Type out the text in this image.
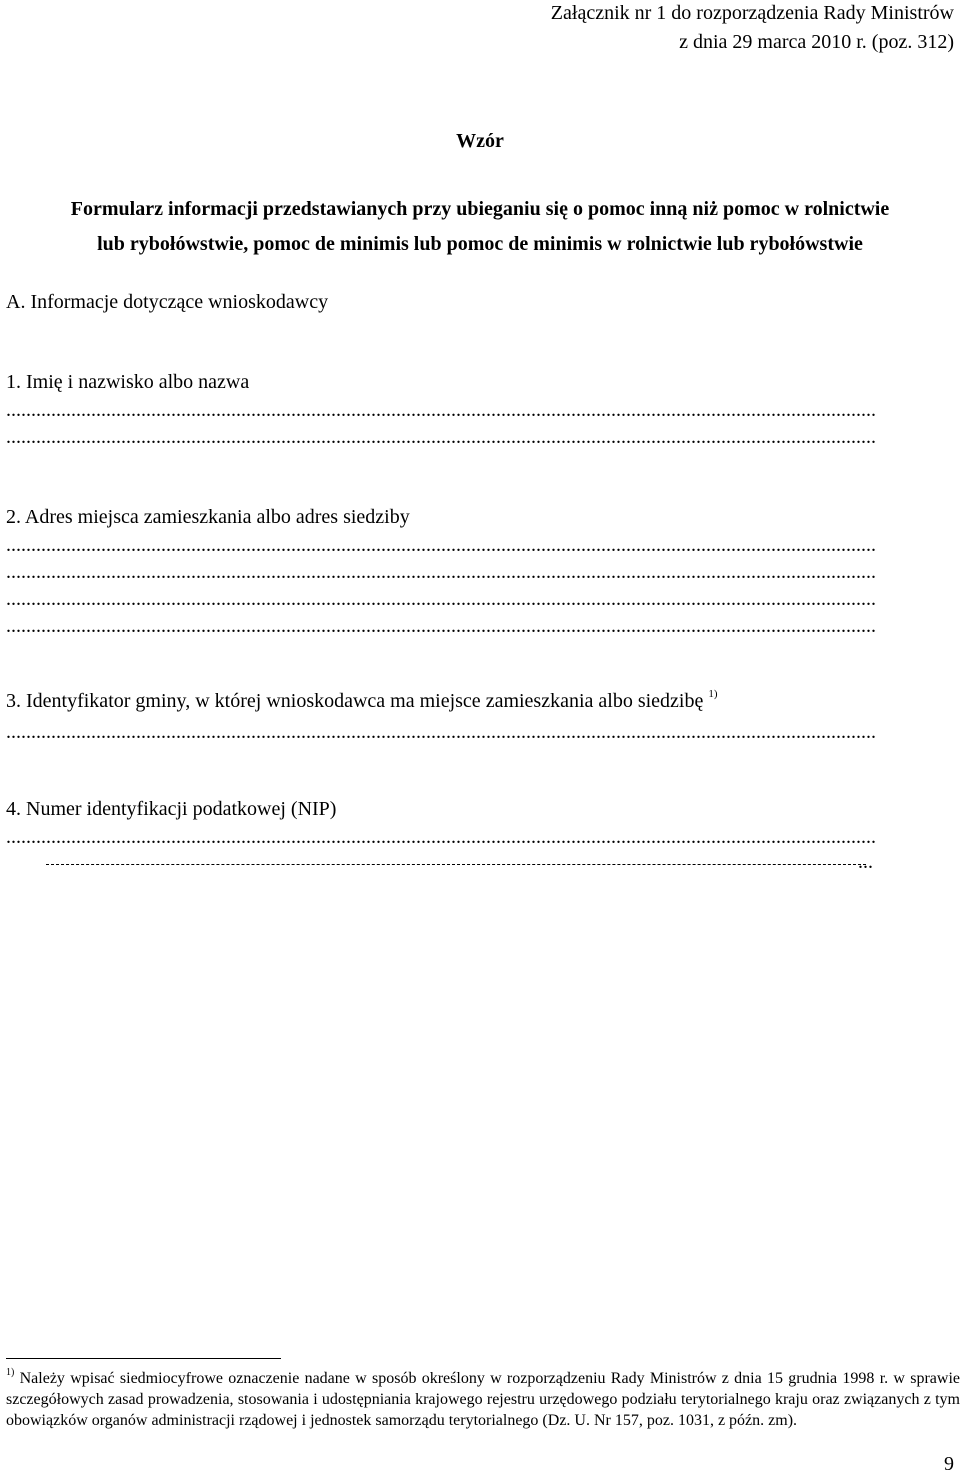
Załącznik nr 1 do rozporządzenia Rady Ministrów
z dnia 29 marca 2010 r. (poz. 312)
Wzór
Formularz informacji przedstawianych przy ubieganiu się o pomoc inną niż pomoc w rolnictwie
lub rybołówstwie, pomoc de minimis lub pomoc de minimis w rolnictwie lub rybołówstwie
A. Informacje dotyczące wnioskodawcy
1. Imię i nazwisko albo nazwa
.....
.....
2. Adres miejsca zamieszkania albo adres siedziby
.....
.....
.....
.....
3. Identyfikator gminy, w której wnioskodawca ma miejsce zamieszkania albo siedzibę $^{1)}$
.....
4. Numer identyfikacji podatkowej (NIP)
.....
...
$^{1)}$ Należy wpisać siedmiocyfrowe oznaczenie nadane w sposób określony w rozporządzeniu Rady Ministrów z dnia 15 grudnia 1998 r. w sprawie szczegółowych zasad prowadzenia, stosowania i udostępniania krajowego rejestru urzędowego podziału terytorialnego kraju oraz związanych z tym obowiązków organów administracji rządowej i jednostek samorządu terytorialnego (Dz. U. Nr 157, poz. 1031, z późn. zm).
9
